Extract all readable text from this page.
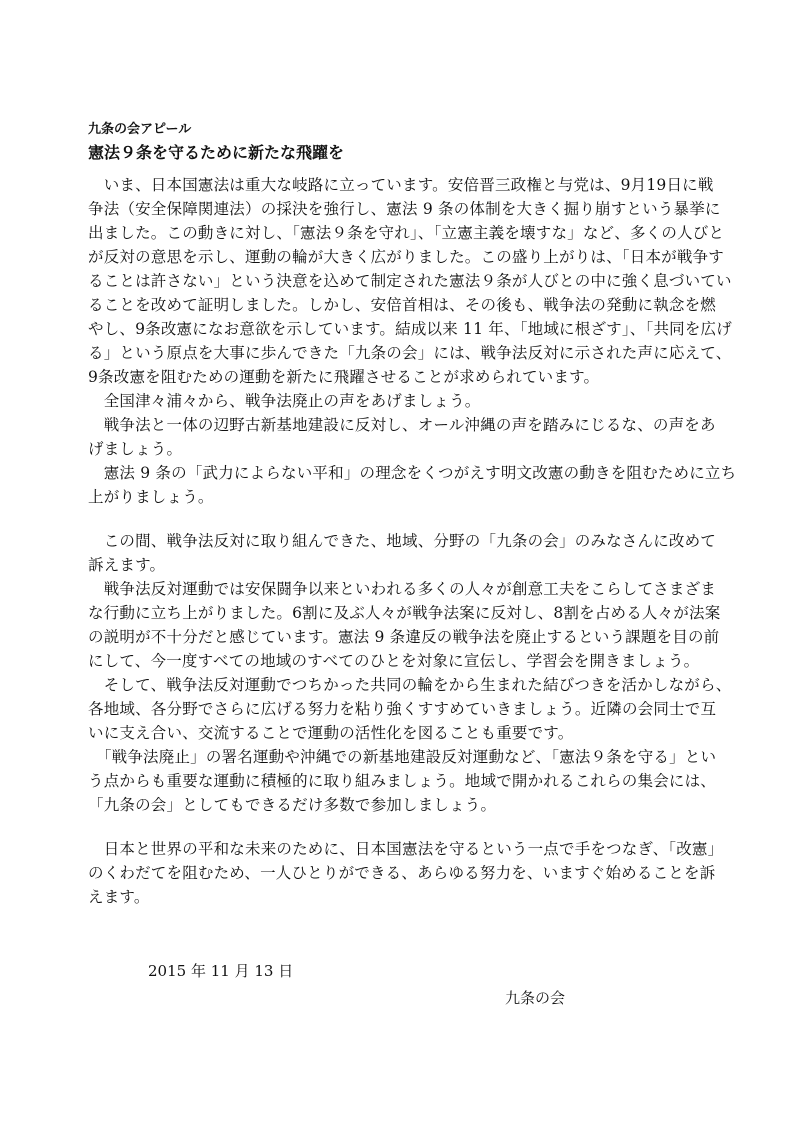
九条の会アピール
憲法９条を守るために新たな飛躍を
　いま、日本国憲法は重大な岐路に立っています。安倍晋三政権と与党は、9月19日に戦
争法（安全保障関連法）の採決を強行し、憲法 9 条の体制を大きく掘り崩すという暴挙に
出ました。この動きに対し、「憲法９条を守れ」、「立憲主義を壊すな」など、多くの人びと
が反対の意思を示し、運動の輪が大きく広がりました。この盛り上がりは、「日本が戦争す
ることは許さない」という決意を込めて制定された憲法９条が人びとの中に強く息づいてい
ることを改めて証明しました。しかし、安倍首相は、その後も、戦争法の発動に執念を燃
やし、9条改憲になお意欲を示しています。結成以来 11 年、「地域に根ざす」、「共同を広げ
る」という原点を大事に歩んできた「九条の会」には、戦争法反対に示された声に応えて、
9条改憲を阻むための運動を新たに飛躍させることが求められています。
　全国津々浦々から、戦争法廃止の声をあげましょう。
　戦争法と一体の辺野古新基地建設に反対し、オール沖縄の声を踏みにじるな、の声をあ
げましょう。
　憲法 9 条の「武力によらない平和」の理念をくつがえす明文改憲の動きを阻むために立ち
上がりましょう。
　この間、戦争法反対に取り組んできた、地域、分野の「九条の会」のみなさんに改めて
訴えます。
　戦争法反対運動では安保闘争以来といわれる多くの人々が創意工夫をこらしてさまざま
な行動に立ち上がりました。6割に及ぶ人々が戦争法案に反対し、8割を占める人々が法案
の説明が不十分だと感じています。憲法 9 条違反の戦争法を廃止するという課題を目の前
にして、今一度すべての地域のすべてのひとを対象に宣伝し、学習会を開きましょう。
　そして、戦争法反対運動でつちかった共同の輪をから生まれた結びつきを活かしながら、
各地域、各分野でさらに広げる努力を粘り強くすすめていきましょう。近隣の会同士で互
いに支え合い、交流することで運動の活性化を図ることも重要です。
　「戦争法廃止」の署名運動や沖縄での新基地建設反対運動など、「憲法９条を守る」とい
う点からも重要な運動に積極的に取り組みましょう。地域で開かれるこれらの集会には、
「九条の会」としてもできるだけ多数で参加しましょう。
　日本と世界の平和な未来のために、日本国憲法を守るという一点で手をつなぎ、「改憲」
のくわだてを阻むため、一人ひとりができる、あらゆる努力を、いますぐ始めることを訴
えます。
2015 年 11 月 13 日
九条の会
